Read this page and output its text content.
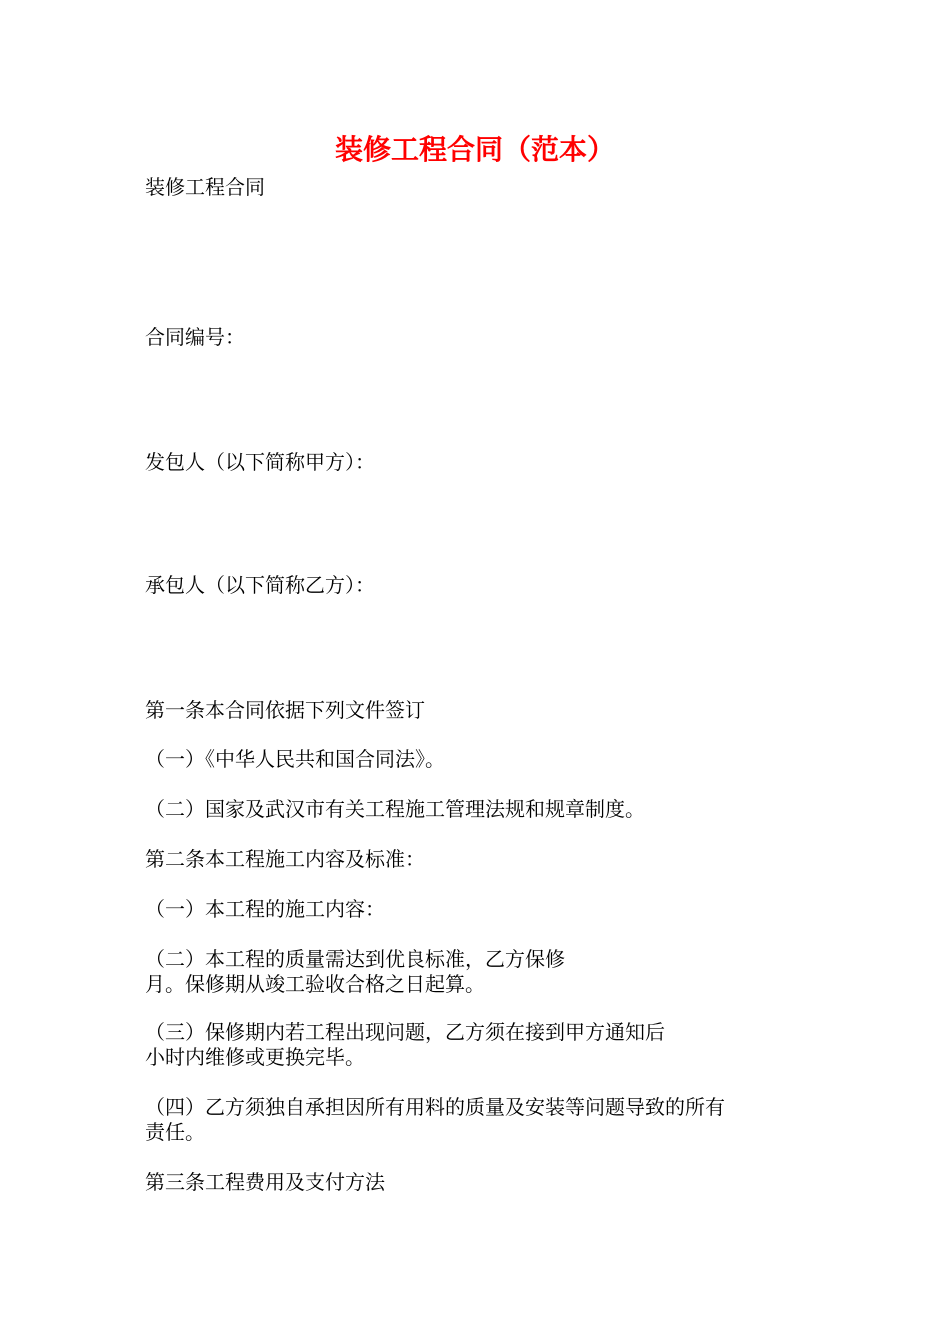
装修工程合同（范本）

装修工程合同

合同编号：

发包人（以下简称甲方）：

承包人（以下简称乙方）：

第一条本合同依据下列文件签订

（一）《中华人民共和国合同法》。

（二）国家及武汉市有关工程施工管理法规和规章制度。

第二条本工程施工内容及标准：

（一）本工程的施工内容：

（二）本工程的质量需达到优良标准，乙方保修
月。保修期从竣工验收合格之日起算。

（三）保修期内若工程出现问题，乙方须在接到甲方通知后
小时内维修或更换完毕。

（四）乙方须独自承担因所有用料的质量及安装等问题导致的所有
责任。

第三条工程费用及支付方法
